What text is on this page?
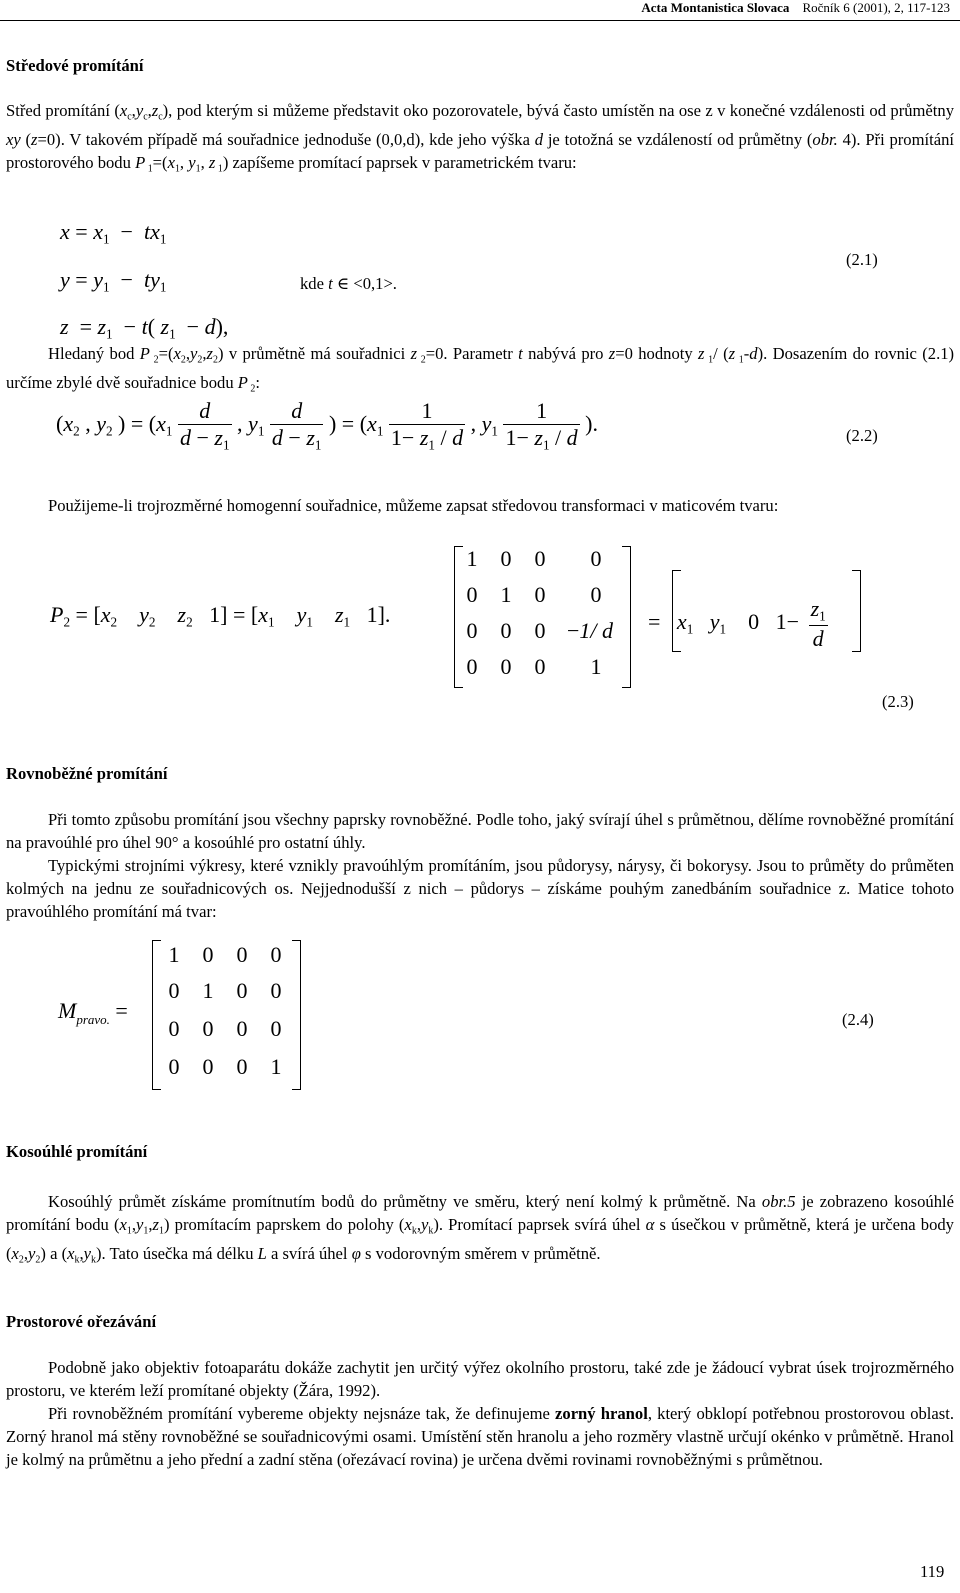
Acta Montanistica Slovaca Ročník 6 (2001), 2, 117-123
Středové promítání
Střed promítání $(x_c,y_c,z_c)$, pod kterým si můžeme představit oko pozorovatele, bývá často umístěn na ose z v konečné vzdálenosti od průmětny xy (z=0). V takovém případě má souřadnice jednoduše (0,0,d), kde jeho výška d je totožná se vzdáleností od průmětny (obr. 4). Při promítání prostorového bodu P $_1=(x_1$, $y_1$, z $_1$) zapíšeme promítací paprsek v parametrickém tvaru:
$x = x_1 - tx_1$
$y = y_1 - ty_1$
$z = z_1 - t$( $z_1 - d$),
kde t ∈ <0,1>.
(2.1)
Hledaný bod P $_2=(x_2,y_2,z_2)$ v průmětně má souřadnici z $_2$=0. Parametr t nabývá pro z=0 hodnoty z $_1$/ (z $_1$-d). Dosazením do rovnic (2.1) určíme zbylé dvě souřadnice bodu P $_2$:
($x_2$ , $y_2$ ) = ($x_1 \frac{d}{d - z_1}$ , $y_1 \frac{d}{d - z_1}$ ) = ($x_1 \frac{1}{1- z_1 / d}$ , $y_1 \frac{1}{1- z_1 / d}$ ).	(2.2)
Použijeme-li trojrozměrné homogenní souřadnice, můžeme zapsat středovou transformaci v maticovém tvaru:
$P_2 = [x_2$ $y_2$ $z_2$   $1] = [x_1$ $y_1$ $z_1$   1].
1 0 0	0
0 1 0	0
0 0 0 −1/ d
0 0 0	1
=   $x_1$ $y_1$    0   $1- \frac{z_1}{d}$
(2.3)
Rovnoběžné promítání
Při tomto způsobu promítání jsou všechny paprsky rovnoběžné. Podle toho, jaký svírají úhel s průmětnou, dělíme rovnoběžné promítání na pravoúhlé pro úhel 90° a kosoúhlé pro ostatní úhly.
Typickými strojními výkresy, které vznikly pravoúhlým promítáním, jsou půdorysy, nárysy, či bokorysy. Jsou to průměty do průměten kolmých na jednu ze souřadnicových os. Nejjednodušší z nich – půdorys – získáme pouhým zanedbáním souřadnice z. Matice tohoto pravoúhlého promítání má tvar:
$M_{pravo.}$ =
1 0 0 0
0 1 0 0
0 0 0 0
0 0 0 1
(2.4)
Kosoúhlé promítání
Kosoúhlý průmět získáme promítnutím bodů do průmětny ve směru, který není kolmý k průmětně. Na obr.5 je zobrazeno kosoúhlé promítání bodu $(x_1,y_1,z_1)$ promítacím paprskem do polohy $(x_k,y_k)$. Promítací paprsek svírá úhel α s úsečkou v průmětně, která je určena body $(x_2,y_2)$ a $(x_k,y_k)$. Tato úsečka má délku L a svírá úhel φ s vodorovným směrem v průmětně.
Prostorové ořezávání
Podobně jako objektiv fotoaparátu dokáže zachytit jen určitý výřez okolního prostoru, také zde je žádoucí vybrat úsek trojrozměrného prostoru, ve kterém leží promítané objekty (Žára, 1992).
Při rovnoběžném promítání vybereme objekty nejsnáze tak, že definujeme zorný hranol, který obklopí potřebnou prostorovou oblast. Zorný hranol má stěny rovnoběžné se souřadnicovými osami. Umístění stěn hranolu a jeho rozměry vlastně určují okénko v průmětně. Hranol je kolmý na průmětnu a jeho přední a zadní stěna (ořezávací rovina) je určena dvěmi rovinami rovnoběžnými s průmětnou.
119
